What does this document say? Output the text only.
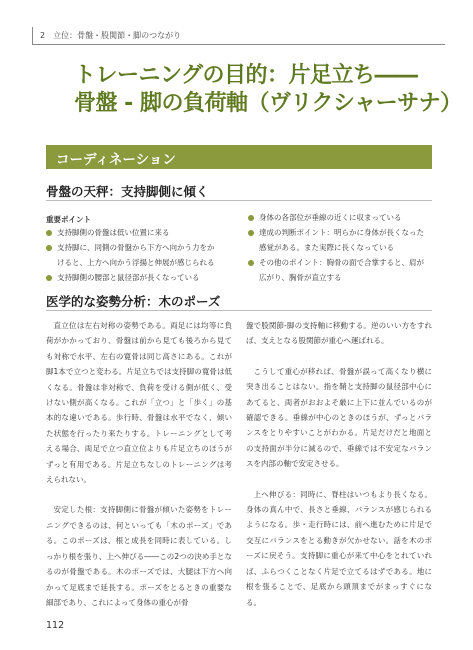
2　立位：骨盤・股関節・脚のつながり
トレーニングの目的：片足立ち――
骨盤 - 脚の負荷軸（ヴリクシャーサナ）
コーディネーション
骨盤の天秤：支持脚側に傾く
重要ポイント
支持脚側の骨盤は低い位置に来る
支持脚に、同側の骨盤から下方へ向かう力をか
けると、上方へ向かう浮揚と伸展が感じられる
支持脚側の腰部と鼠径部が長くなっている
身体の各部位が垂線の近くに収まっている
達成の判断ポイント：明らかに身体が長くなった
感覚がある。また実際に長くなっている
その他のポイント：胸骨の面で合掌すると、肩が
広がり、胸骨が直立する
医学的な姿勢分析：木のポーズ

直立位は左右対称の姿勢である。両足には均等に負荷がかかっており、骨盤は前から見ても後ろから見ても対称で水平、左右の寛骨は同じ高さにある。これが脚1本で立つと変わる。片足立ちでは支持脚の寛骨は低くなる。骨盤は非対称で、負荷を受ける側が低く、受けない側が高くなる。これが「立つ」と「歩く」の基本的な違いである。歩行時、骨盤は水平でなく、傾いた状態を行ったり来たりする。トレーニングとして考える場合、両足で立つ直立位よりも片足立ちのほうがずっと有用である。片足立ちなしのトレーニングは考えられない。

安定した根：支持脚側に骨盤が傾いた姿勢をトレーニングできるのは、何といっても「木のポーズ」である。このポーズは、根と成長を同時に表している。しっかり根を張り、上へ伸びる――この2つの決め手となるのが骨盤である。木のポーズでは、大腿は下方へ向かって足底まで延長する。ポーズをとるときの重要な細部であり、これによって身体の重心が骨

盤で股関節‐脚の支持軸に移動する。逆のいい方をすれば、支えとなる股関節が重心へ運ばれる。

こうして重心が移れば、骨盤が誤って高くなり横に突き出ることはない。指を鞘と支持脚の鼠径部中心にあてると、両者がおおよそ厳に上下に並んでいるのが確認できる。垂線が中心のときのほうが、ずっとバランスをとりやすいことがわかる。片足だけだと地面との支持面が半分に減るので、垂線では不安定なバランスを内部の軸で安定させる。

上へ伸びる：同時に、脊柱はいつもより長くなる。身体の真ん中で、長さと垂線、バランスが感じられるようになる。歩・走行時には、前へ進むために片足で交互にバランスをとる動きが欠かせない。話を木のポーズに戻そう。支持脚に重心が来て中心をとれていれば、ふらつくことなく片足で立てるはずである。地に根を張ることで、足底から頭頂までがまっすぐになる。

112
